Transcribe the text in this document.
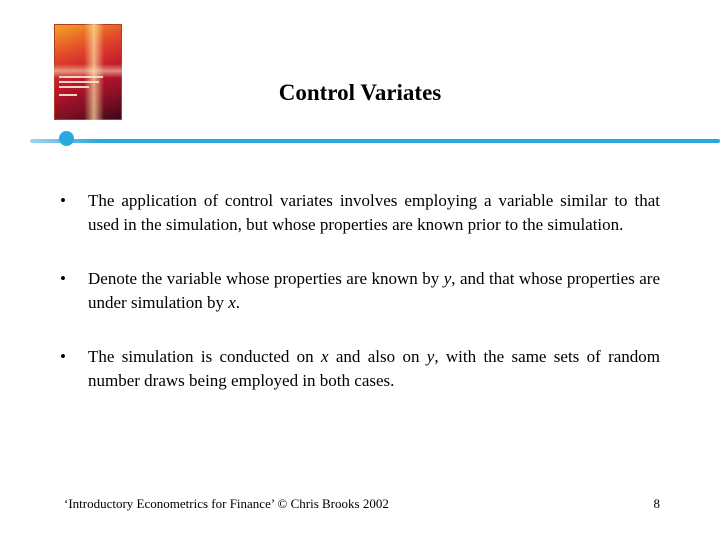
Control Variates
•	The application of control variates involves employing a variable similar to that used in the simulation, but whose properties are known prior to the simulation.
•	Denote the variable whose properties are known by y, and that whose properties are under simulation by x.
•	The simulation is conducted on x and also on y, with the same sets of random number draws being employed in both cases.
‘Introductory Econometrics for Finance’ © Chris Brooks 2002	8
